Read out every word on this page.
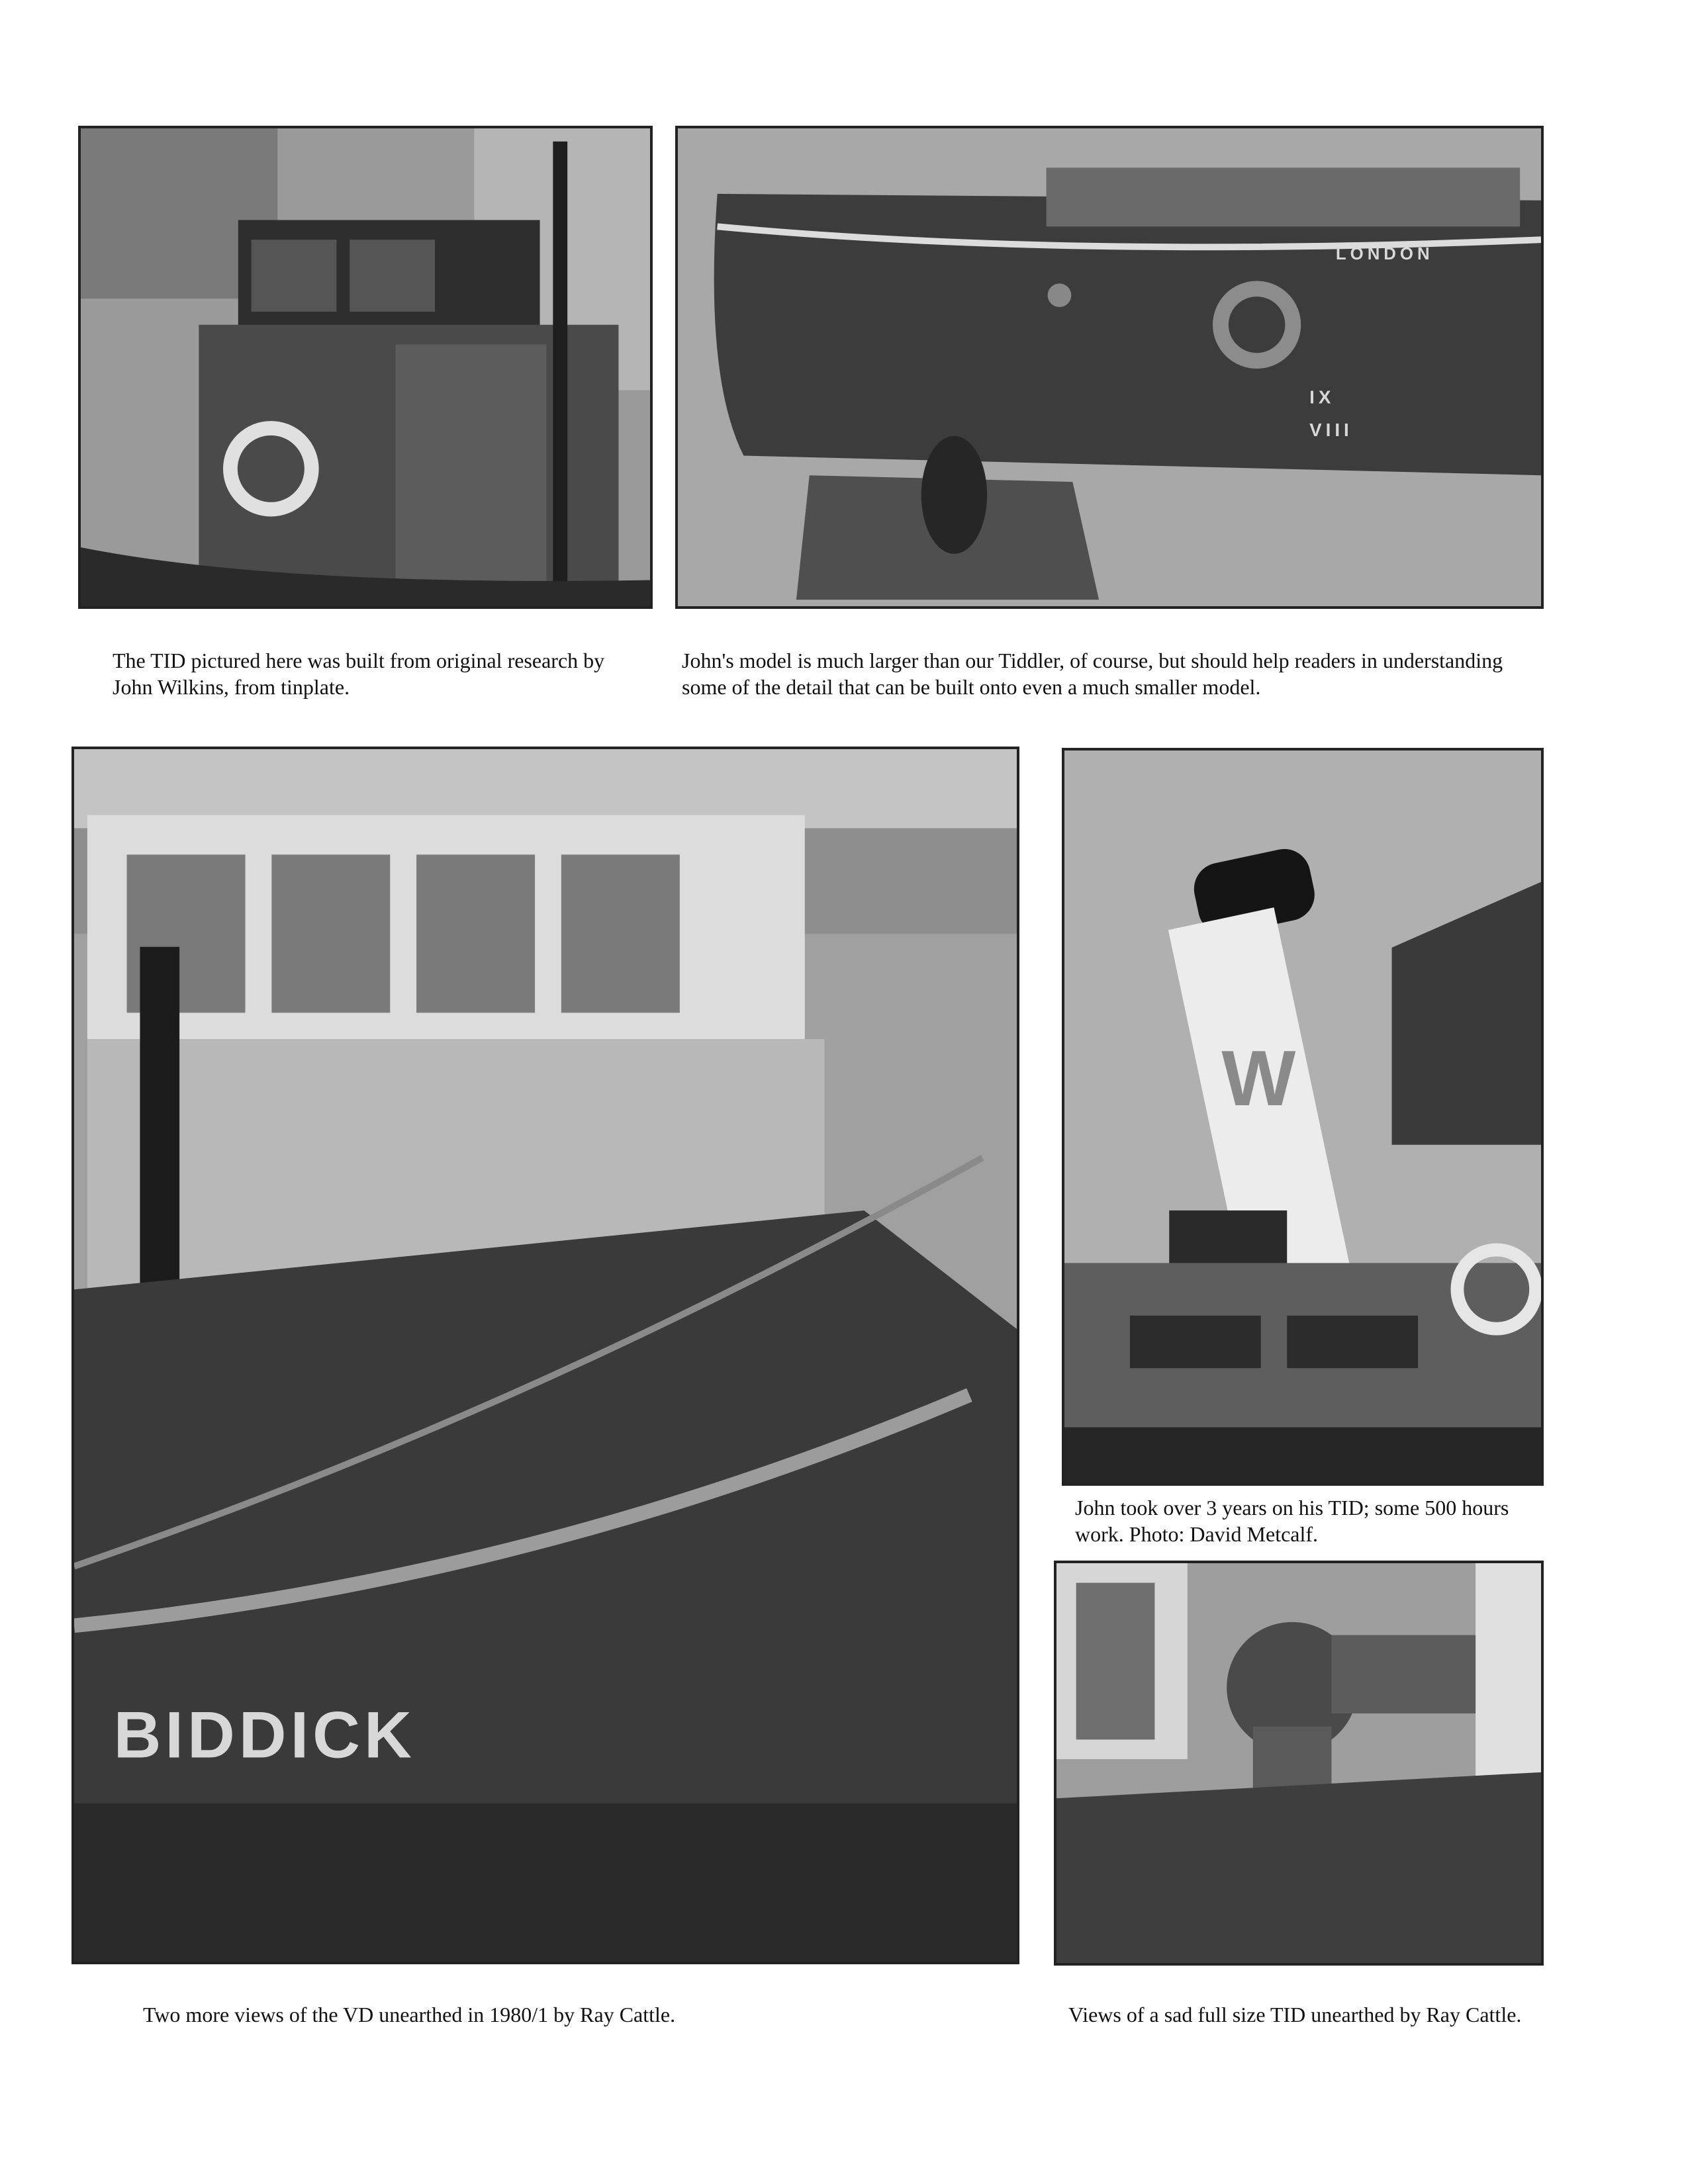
LONDON
IX
VIII

The TID pictured here was built from original research by John Wilkins, from tinplate.

John's model is much larger than our Tiddler, of course, but should help readers in understanding some of the detail that can be built onto even a much smaller model.

BIDDICK
W

John took over 3 years on his TID; some 500 hours work. Photo: David Metcalf.

Two more views of the VD unearthed in 1980/1 by Ray Cattle.	Views of a sad full size TID unearthed by Ray Cattle.
